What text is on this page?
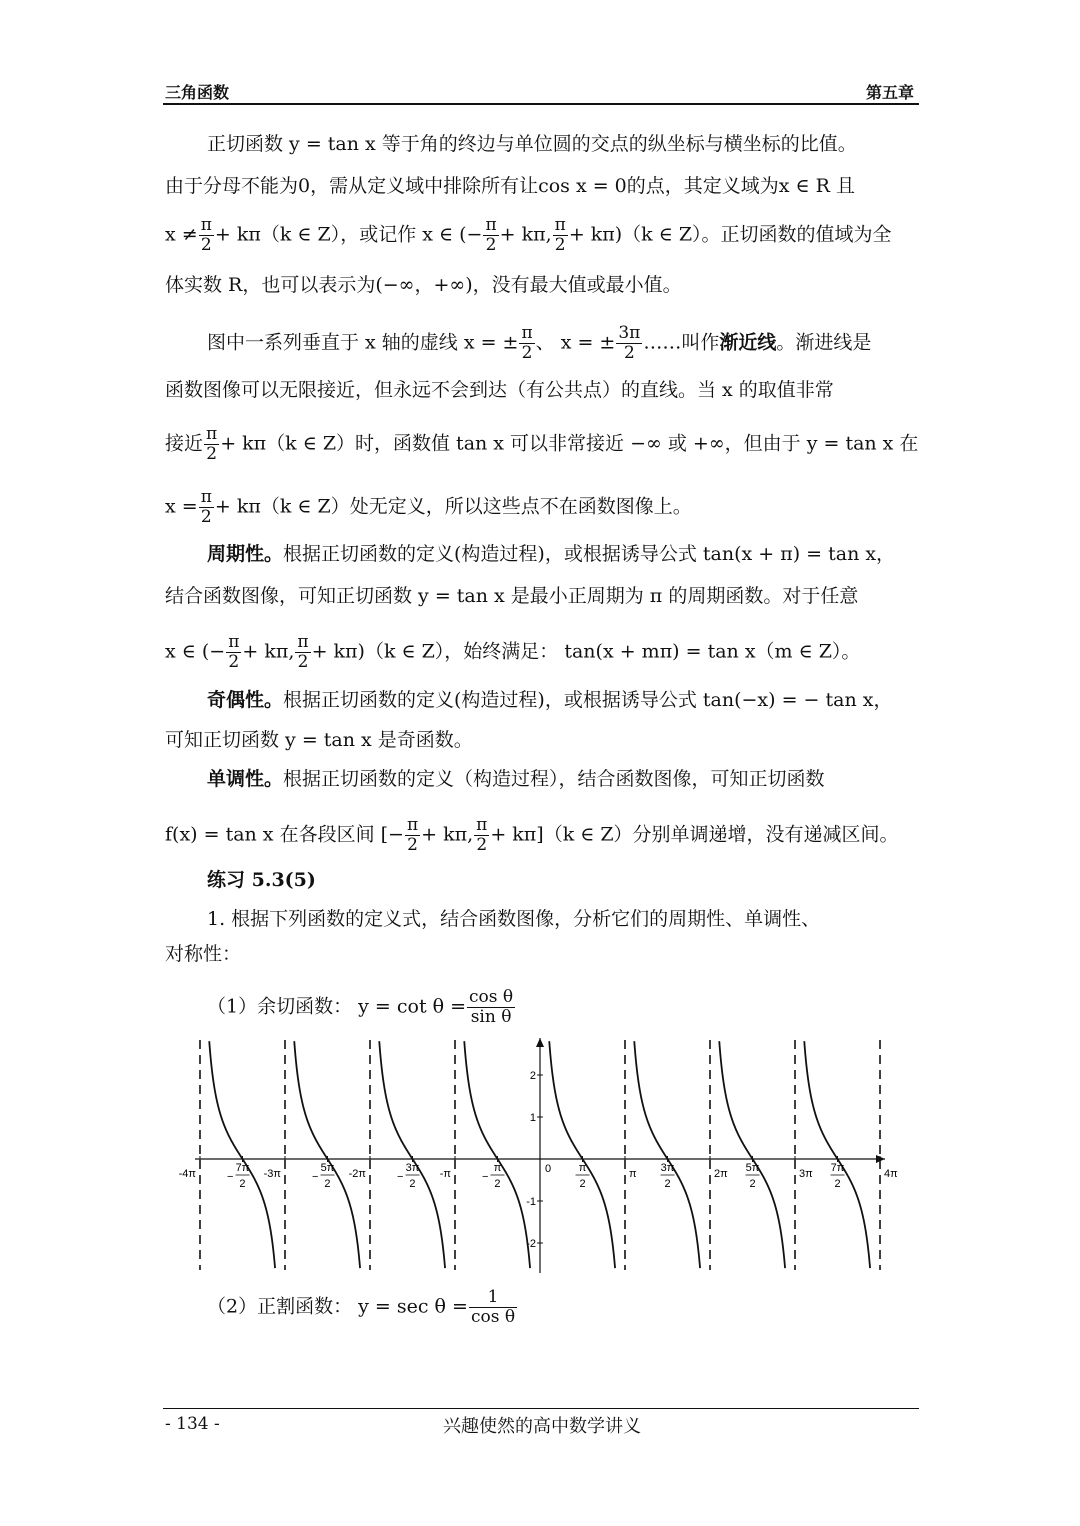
三角函数	第五章
正切函数 y = tan x 等于角的终边与单位圆的交点的纵坐标与横坐标的比值。
由于分母不能为0，需从定义域中排除所有让cos x = 0的点，其定义域为x ∈ R 且
$x \ne \frac{\pi}{2} + k\pi(k$ ∈ Z），或记作 x ∈ (− $\frac{\pi}{2} + k\pi$, $\frac{\pi}{2} + k\pi)(k$ ∈ Z）。正切函数的值域为全
体实数 R，也可以表示为(−∞，+∞)，没有最大值或最小值。
图中一系列垂直于 x 轴的虚线 x = ± $\frac{\pi}{2}$ 、 x = ± $\frac{3\pi}{2}$ ……叫作渐近线。渐进线是
函数图像可以无限接近，但永远不会到达（有公共点）的直线。当 x 的取值非常
接近 $\frac{\pi}{2} + k\pi(k$ ∈ Z）时，函数值 tan x 可以非常接近 −∞ 或 +∞，但由于 y = tan x 在
$x = \frac{\pi}{2} + k\pi(k$ ∈ Z）处无定义，所以这些点不在函数图像上。
周期性。根据正切函数的定义(构造过程)，或根据诱导公式 tan(x + π) = tan x，
结合函数图像，可知正切函数 y = tan x 是最小正周期为 π 的周期函数。对于任意
x ∈ (− $\frac{\pi}{2} + k\pi$, $\frac{\pi}{2} + k\pi)(k$ ∈ Z），始终满足： tan(x + mπ) = tan x（m ∈ Z）。
奇偶性。根据正切函数的定义(构造过程)，或根据诱导公式 tan(−x) = − tan x，
可知正切函数 y = tan x 是奇函数。
单调性。根据正切函数的定义（构造过程），结合函数图像，可知正切函数
f(x) = tan x 在各段区间 [− $\frac{\pi}{2} + k\pi$, $\frac{\pi}{2} + k\pi](k$ ∈ Z）分别单调递增，没有递减区间。
练习 5.3(5)
1. 根据下列函数的定义式，结合函数图像，分析它们的周期性、单调性、
对称性：
（1）余切函数： $y = \cot \theta = \frac{\text{cos θ}}{\text{sin θ}}$
2
1
-1
-2
-4π	−
7π
2
-3π	−
5π
2
-2π	−
3π
2
-π	−
π
2
0	π
2
π 3π
2
2π 5π
2
3π 7π
2
4π
（2）正割函数： $y = \sec \theta = \frac{1}{\text{cos θ}}$
- 134 -	兴趣使然的高中数学讲义
